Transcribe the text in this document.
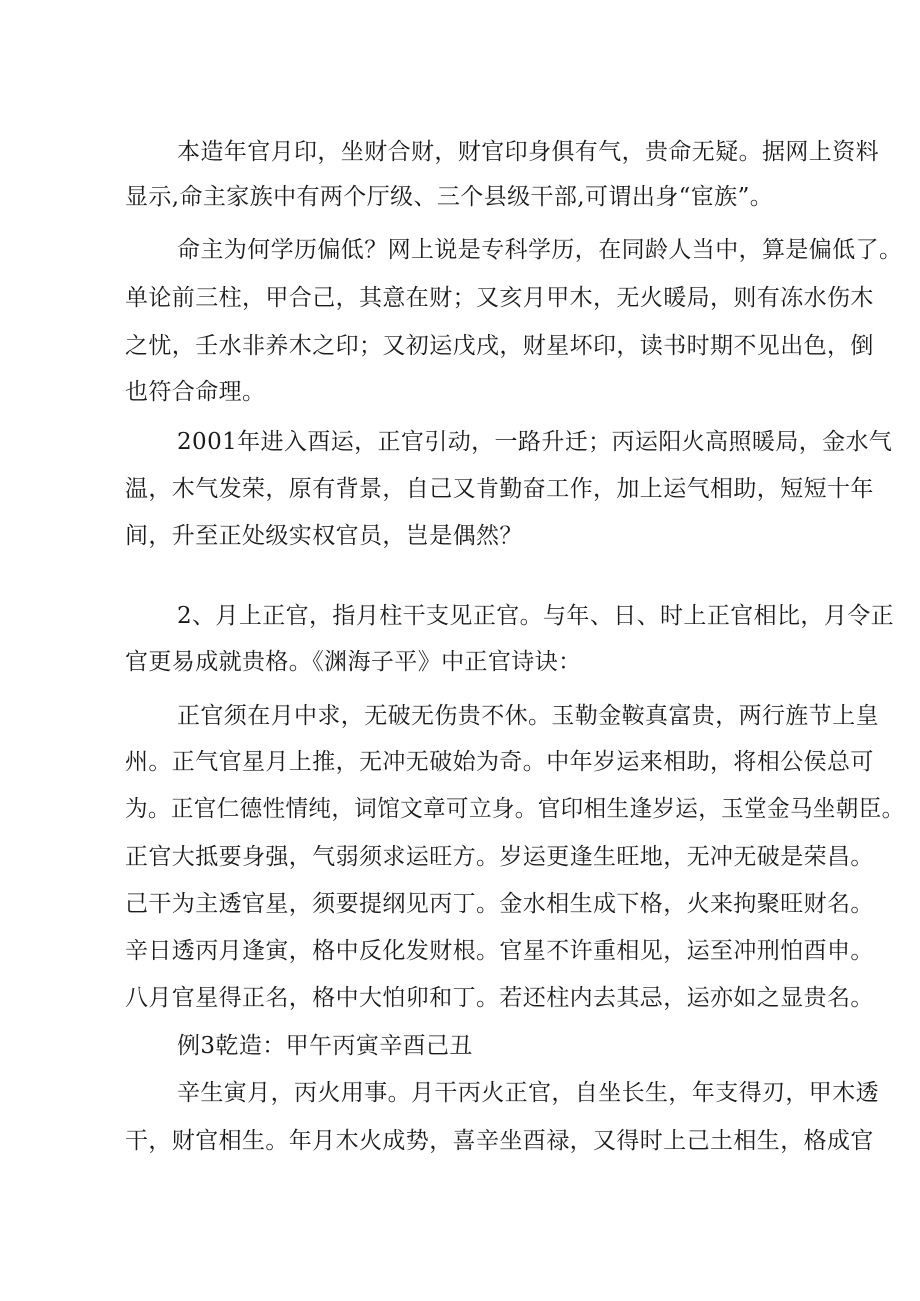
本造年官月印，坐财合财，财官印身俱有气，贵命无疑。据网上资料
显示,命主家族中有两个厅级、三个县级干部,可谓出身“宦族”。
命主为何学历偏低？网上说是专科学历，在同龄人当中，算是偏低了。
单论前三柱，甲合己，其意在财；又亥月甲木，无火暖局，则有冻水伤木
之忧，壬水非养木之印；又初运戊戌，财星坏印，读书时期不见出色，倒
也符合命理。
2001年进入酉运，正官引动，一路升迁；丙运阳火高照暖局，金水气
温，木气发荣，原有背景，自己又肯勤奋工作，加上运气相助，短短十年
间，升至正处级实权官员，岂是偶然？
2、月上正官，指月柱干支见正官。与年、日、时上正官相比，月令正
官更易成就贵格。《渊海子平》中正官诗诀：
正官须在月中求，无破无伤贵不休。玉勒金鞍真富贵，两行旌节上皇
州。正气官星月上推，无冲无破始为奇。中年岁运来相助，将相公侯总可
为。正官仁德性情纯，词馆文章可立身。官印相生逢岁运，玉堂金马坐朝臣。
正官大抵要身强，气弱须求运旺方。岁运更逢生旺地，无冲无破是荣昌。
己干为主透官星，须要提纲见丙丁。金水相生成下格，火来拘聚旺财名。
辛日透丙月逢寅，格中反化发财根。官星不许重相见，运至冲刑怕酉申。
八月官星得正名，格中大怕卯和丁。若还柱内去其忌，运亦如之显贵名。
例3乾造：甲午丙寅辛酉己丑
辛生寅月，丙火用事。月干丙火正官，自坐长生，年支得刃，甲木透
干，财官相生。年月木火成势，喜辛坐酉禄，又得时上己土相生，格成官
